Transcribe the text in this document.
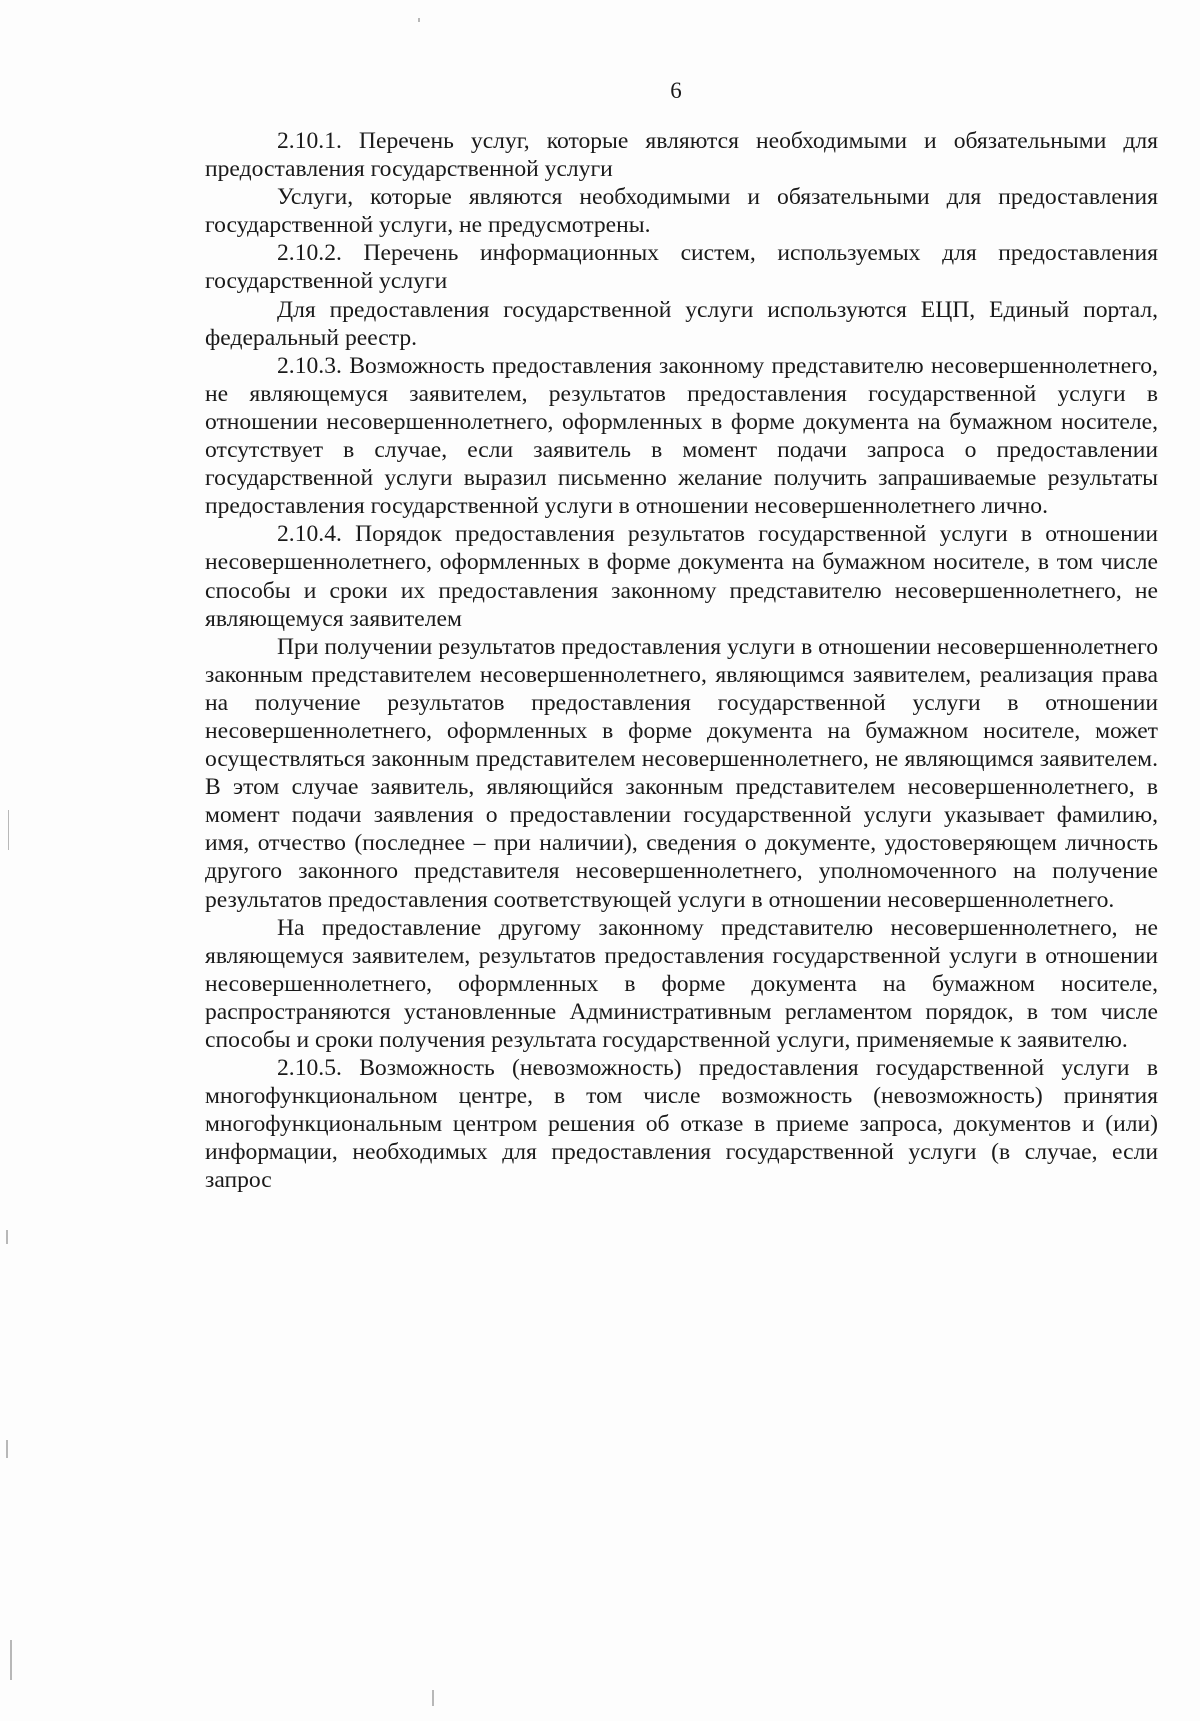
6

2.10.1. Перечень услуг, которые являются необходимыми и обязательными для предоставления государственной услуги

Услуги, которые являются необходимыми и обязательными для предоставления государственной услуги, не предусмотрены.

2.10.2. Перечень информационных систем, используемых для предоставления государственной услуги

Для предоставления государственной услуги используются ЕЦП, Единый портал, федеральный реестр.

2.10.3. Возможность предоставления законному представителю несовершеннолетнего, не являющемуся заявителем, результатов предоставления государственной услуги в отношении несовершеннолетнего, оформленных в форме документа на бумажном носителе, отсутствует в случае, если заявитель в момент подачи запроса о предоставлении государственной услуги выразил письменно желание получить запрашиваемые результаты предоставления государственной услуги в отношении несовершеннолетнего лично.

2.10.4. Порядок предоставления результатов государственной услуги в отношении несовершеннолетнего, оформленных в форме документа на бумажном носителе, в том числе способы и сроки их предоставления законному представителю несовершеннолетнего, не являющемуся заявителем

При получении результатов предоставления услуги в отношении несовершеннолетнего законным представителем несовершеннолетнего, являющимся заявителем, реализация права на получение результатов предоставления государственной услуги в отношении несовершеннолетнего, оформленных в форме документа на бумажном носителе, может осуществляться законным представителем несовершеннолетнего, не являющимся заявителем. В этом случае заявитель, являющийся законным представителем несовершеннолетнего, в момент подачи заявления о предоставлении государственной услуги указывает фамилию, имя, отчество (последнее – при наличии), сведения о документе, удостоверяющем личность другого законного представителя несовершеннолетнего, уполномоченного на получение результатов предоставления соответствующей услуги в отношении несовершеннолетнего.

На предоставление другому законному представителю несовершеннолетнего, не являющемуся заявителем, результатов предоставления государственной услуги в отношении несовершеннолетнего, оформленных в форме документа на бумажном носителе, распространяются установленные Административным регламентом порядок, в том числе способы и сроки получения результата государственной услуги, применяемые к заявителю.

2.10.5. Возможность (невозможность) предоставления государственной услуги в многофункциональном центре, в том числе возможность (невозможность) принятия многофункциональным центром решения об отказе в приеме запроса, документов и (или) информации, необходимых для предоставления государственной услуги (в случае, если запрос
